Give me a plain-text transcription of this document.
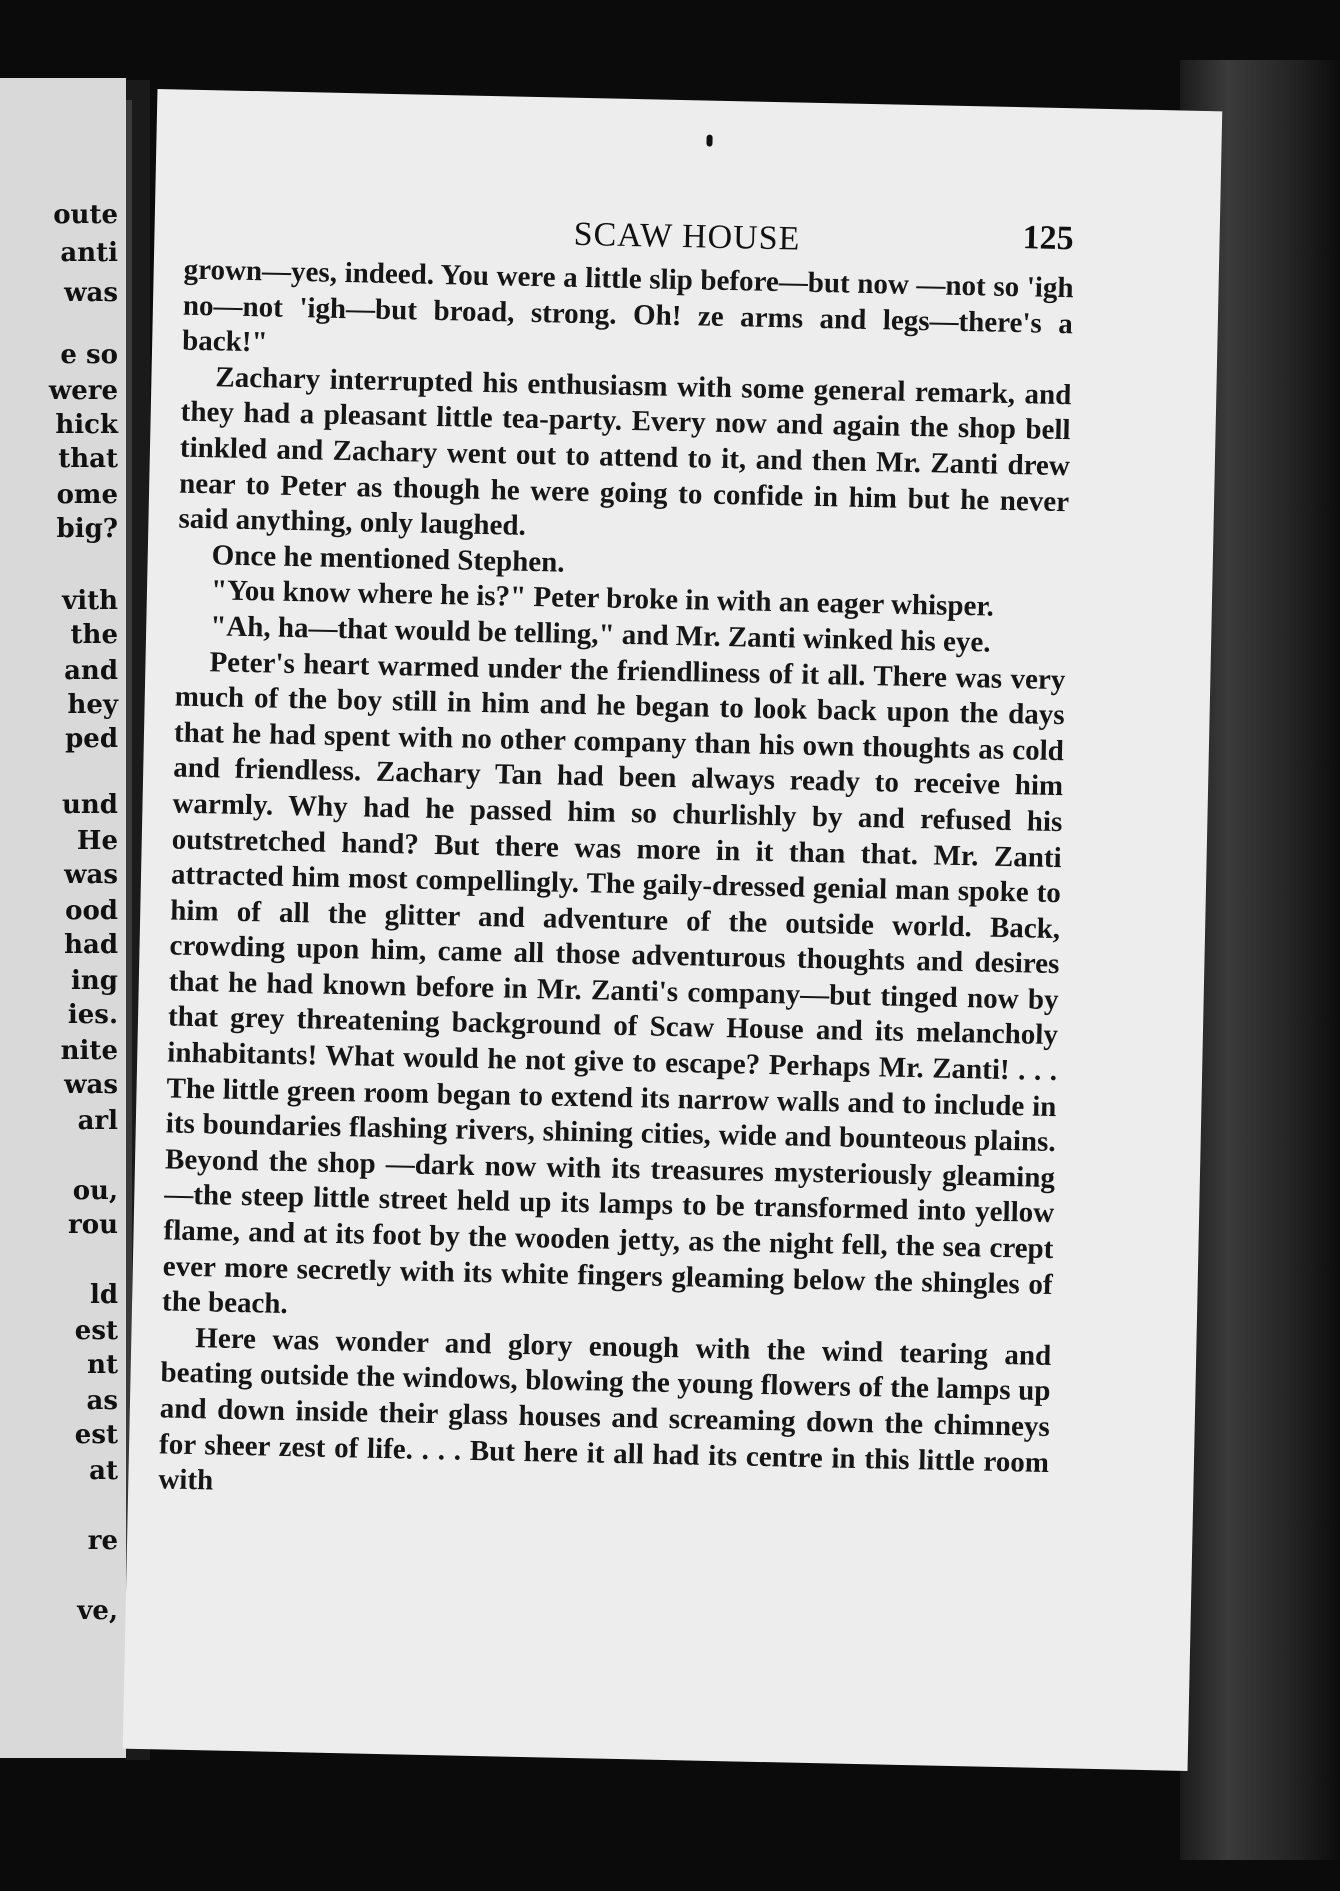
oute
anti
was
e so
were
hick
that
ome
big?
vith
the
and
hey
ped
und
He
was
ood
had
ing
ies.
nite
was
arl
ou,
rou
ld
est
nt
as
est
at
re
ve,
SCAW HOUSE	125

grown—yes, indeed. You were a little slip before—but now —not so 'igh no—not 'igh—but broad, strong. Oh! ze arms and legs—there's a back!"

Zachary interrupted his enthusiasm with some general remark, and they had a pleasant little tea-party. Every now and again the shop bell tinkled and Zachary went out to attend to it, and then Mr. Zanti drew near to Peter as though he were going to confide in him but he never said anything, only laughed.

Once he mentioned Stephen.

"You know where he is?" Peter broke in with an eager whisper.

"Ah, ha—that would be telling," and Mr. Zanti winked his eye.

Peter's heart warmed under the friendliness of it all. There was very much of the boy still in him and he began to look back upon the days that he had spent with no other company than his own thoughts as cold and friendless. Zachary Tan had been always ready to receive him warmly. Why had he passed him so churlishly by and refused his outstretched hand? But there was more in it than that. Mr. Zanti attracted him most compellingly. The gaily-dressed genial man spoke to him of all the glitter and adventure of the outside world. Back, crowding upon him, came all those adventurous thoughts and desires that he had known before in Mr. Zanti's company—but tinged now by that grey threatening background of Scaw House and its melancholy inhabitants! What would he not give to escape? Perhaps Mr. Zanti! . . . The little green room began to extend its narrow walls and to include in its boundaries flashing rivers, shining cities, wide and bounteous plains. Beyond the shop —dark now with its treasures mysteriously gleaming—the steep little street held up its lamps to be transformed into yellow flame, and at its foot by the wooden jetty, as the night fell, the sea crept ever more secretly with its white fingers gleaming below the shingles of the beach.

Here was wonder and glory enough with the wind tearing and beating outside the windows, blowing the young flowers of the lamps up and down inside their glass houses and screaming down the chimneys for sheer zest of life. . . . But here it all had its centre in this little room with
